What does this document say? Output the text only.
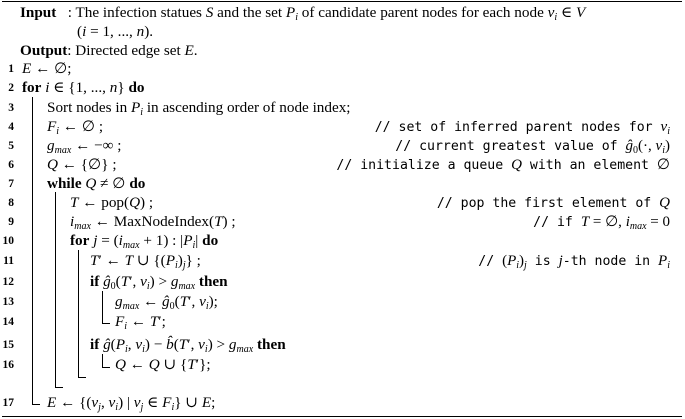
Input   : The infection statues S and the set $P_i$ of candidate parent nodes for each node $v_i$ ∈ V
(i = 1, ..., n).
Output: Directed edge set E.
1 E ← ∅;
2 for i ∈ {1, ..., n} do
3 Sort nodes in $P_i$ in ascending order of node index;
4 $F_i$ ← ∅ ;	// set of inferred parent nodes for $v_i$
5 $g_{max}$ ← −∞ ;	// current greatest value of $ĝ_0(\cdot$, $v_i$)
6 Q ← {∅} ;	// initialize a queue Q with an element ∅
7 while Q ≠ ∅ do
8	T ← pop(Q) ;	// pop the first element of Q
9	$i_{max}$ ← MaxNodeIndex(T) ;	// if T = ∅, $i_{max} = 0$
10	for $j = (i_{max} + 1)$ : $|P_i|$ do
11	T′ ← T ∪ $\{(P_i)_j\}$ ;	// $(P_i)_j$ is j-th node in $P_i$
12	if $ĝ_0(T'$, $v_i) > g_{max}$ then
13	$g_{max}$ ← $ĝ_0(T'$, $v_i$);
14	$F_i$ ← T′;
15	if $ĝ(P_i$, $v_i$) − b̂(T′, $v_i) > g_{max}$ then
16	Q ← Q ∪ {T′};
17 E ← {($v_j$, $v_i$) | $v_j$ ∈ $F_i$} ∪ E;
